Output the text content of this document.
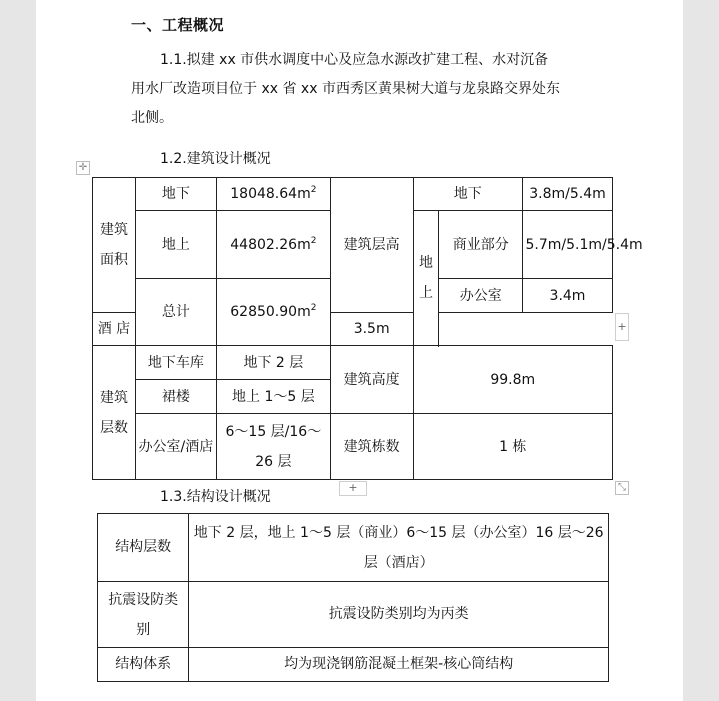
一、工程概况
1.1.拟建 xx 市供水调度中心及应急水源改扩建工程、水对沉备
用水厂改造项目位于 xx 省 xx 市西秀区黄果树大道与龙泉路交界处东
北侧。
1.2.建筑设计概况
✛
建筑面积	地下	$18048.64m^2$	建筑层高	地下		3.8m/5.4m
	地上	$44802.26m^2$		地上	商业部分	5.7m/5.1m/5.4m

	总计	$62850.90m^2$			办公室	3.4m
酒 店			3.5m			

建筑层数	地下车库	地下 2 层	建筑高度	99.8m		
	裙楼	地上 1～5 层				

	办公室/酒店	6～15 层/16～26 层	建筑栋数	1 栋		
+
+	⤡
1.3.结构设计概况
结构层数	地下 2 层，地上 1～5 层（商业）6～15 层（办公室）16 层～26 层（酒店）

抗震设防类别	抗震设防类别均为丙类
结构体系	均为现浇钢筋混凝土框架-核心筒结构
